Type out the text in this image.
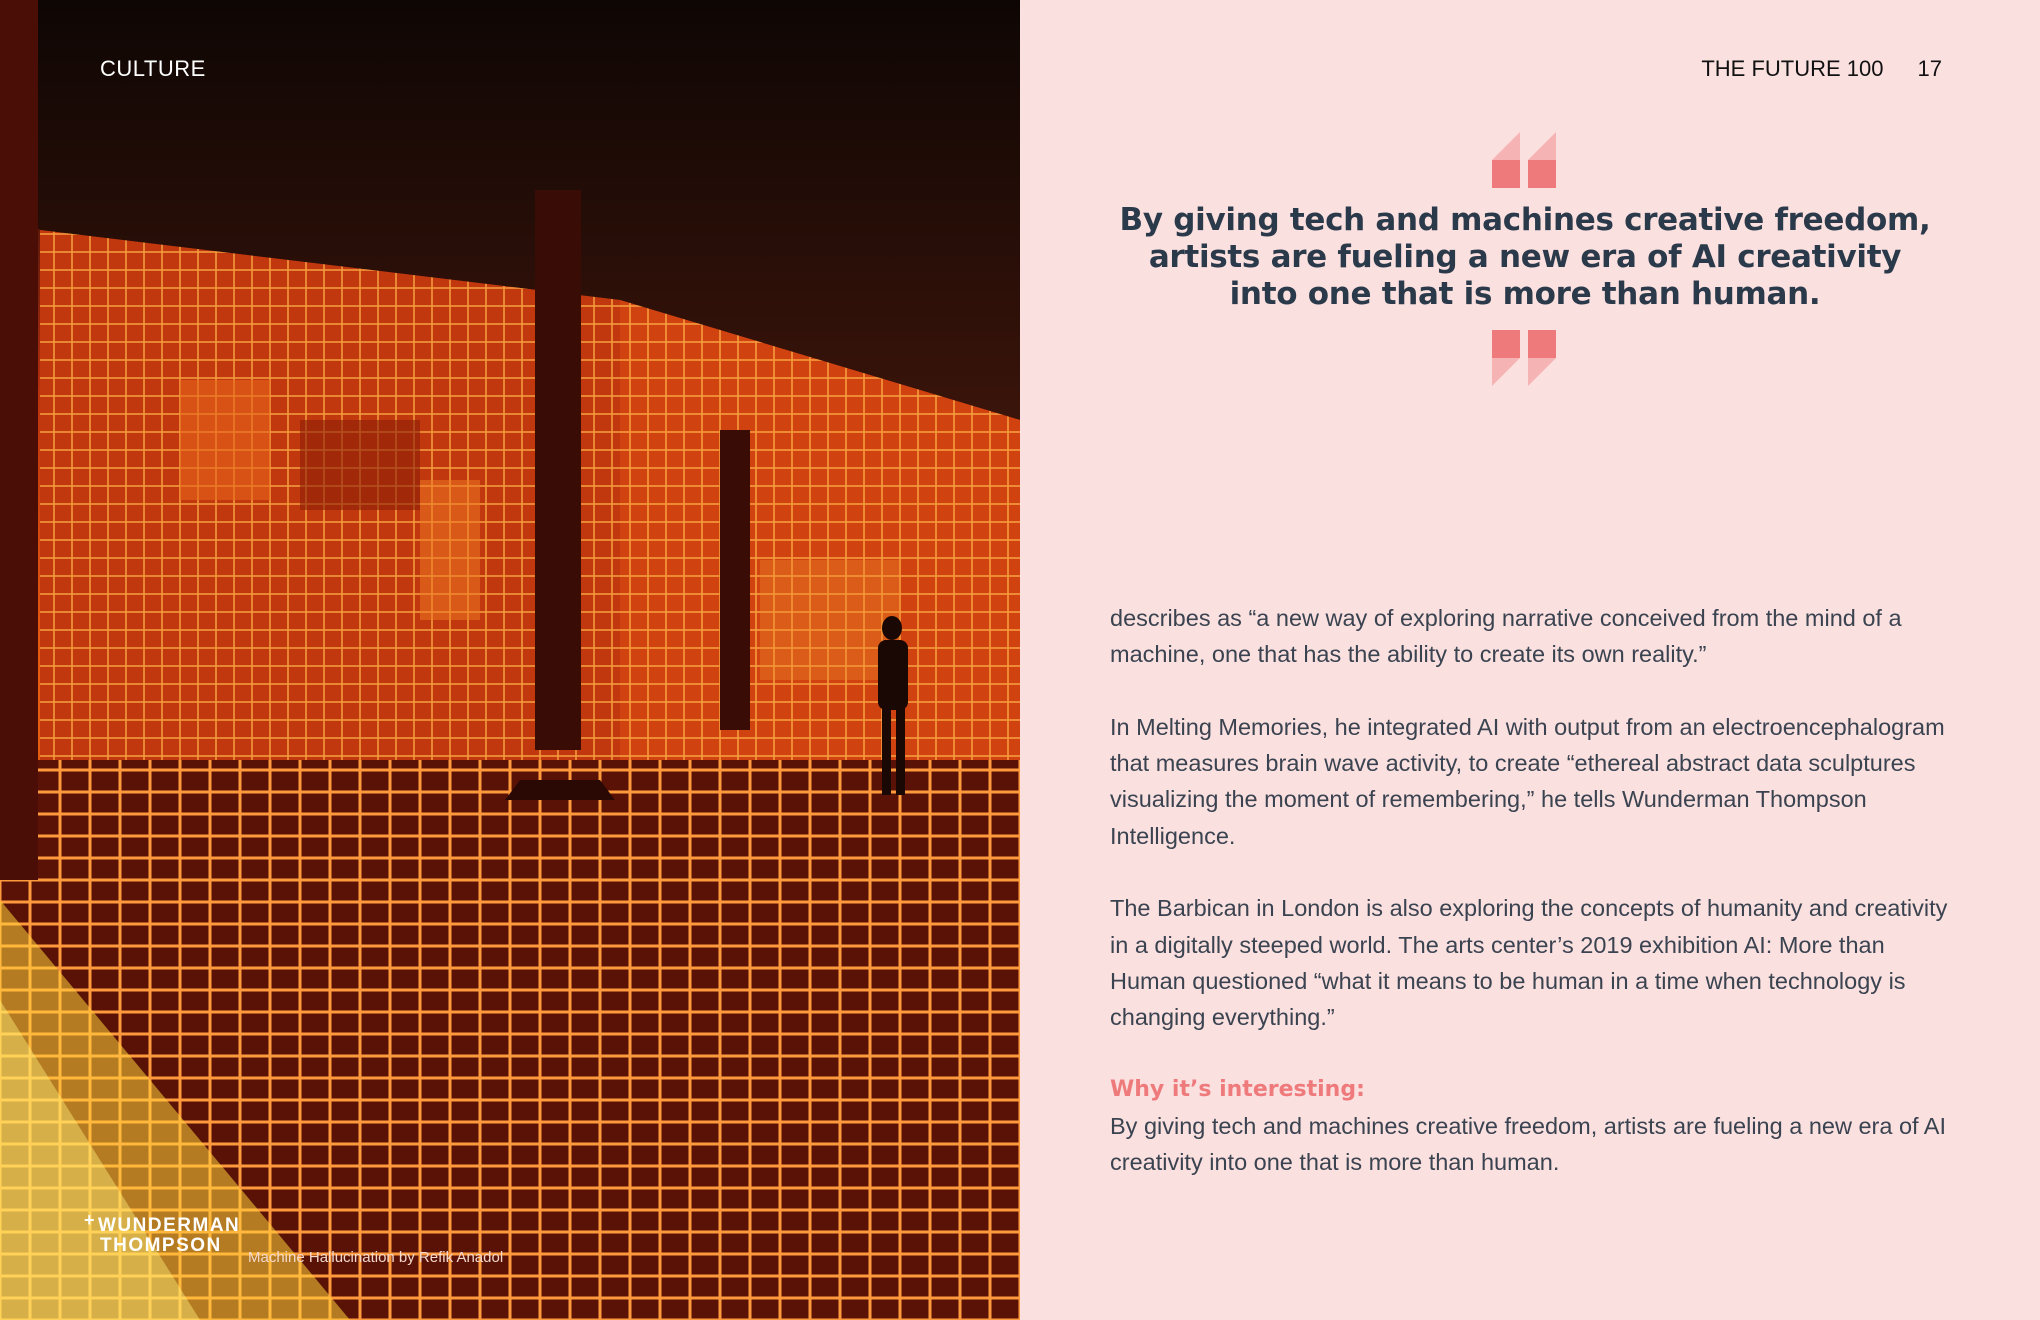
CULTURE
+ WUNDERMAN
THOMPSON
Machine Hallucination by Refik Anadol
THE FUTURE 100 17
By giving tech and machines creative freedom, artists are fueling a new era of AI creativity into one that is more than human.

describes as “a new way of exploring narrative conceived from the mind of a machine, one that has the ability to create its own reality.”

In Melting Memories, he integrated AI with output from an electroencephalogram that measures brain wave activity, to create “ethereal abstract data sculptures visualizing the moment of remembering,” he tells Wunderman Thompson Intelligence.

The Barbican in London is also exploring the concepts of humanity and creativity in a digitally steeped world. The arts center’s 2019 exhibition AI: More than Human questioned “what it means to be human in a time when technology is changing everything.”

Why it’s interesting:
By giving tech and machines creative freedom, artists are fueling a new era of AI creativity into one that is more than human.
